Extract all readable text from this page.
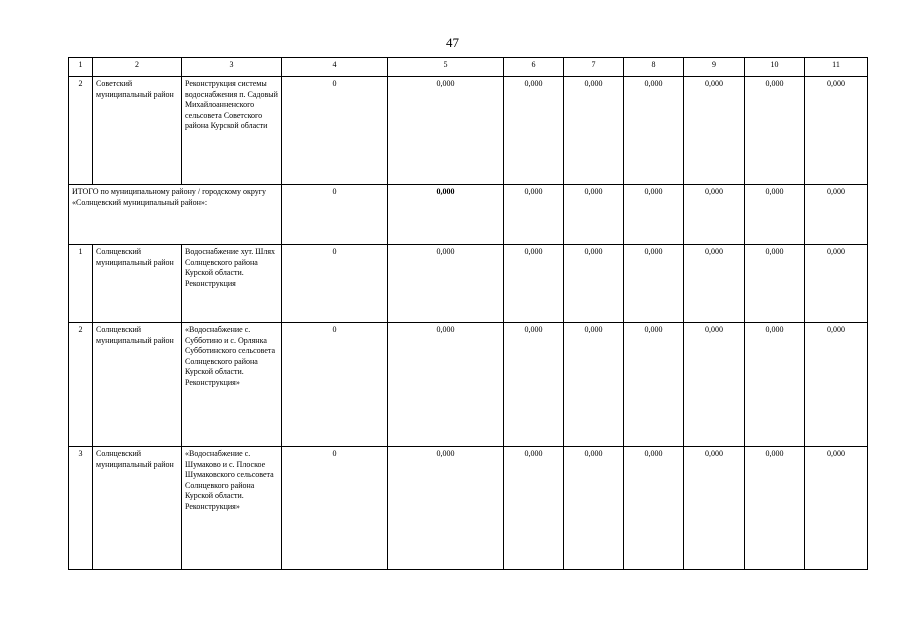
47
1	2	3	4	5	6	7	8	9	10	11
2	Советский муниципальный район	Реконструкция системы водоснабжения п. Садовый Михайлоанненского сельсовета Советского района Курской области	0	0,000	0,000	0,000	0,000	0,000	0,000	0,000
ИТОГО по муниципальному району / городскому округу «Солнцевский муниципальный район»:			0	0,000	0,000	0,000	0,000	0,000	0,000	0,000
1	Солнцевский муниципальный район	Водоснабжение хут. Шлях Солнцевского района Курской области. Реконструкция	0	0,000	0,000	0,000	0,000	0,000	0,000	0,000
2	Солнцевский муниципальный район	«Водоснабжение с. Субботино и с. Орлянка Субботинского сельсовета Солнцевского района Курской области. Реконструкция»	0	0,000	0,000	0,000	0,000	0,000	0,000	0,000
3	Солнцевский муниципальный район	«Водоснабжение с. Шумаково и с. Плоское Шумаковского сельсовета Солнцевкого района Курской области. Реконструкция»	0	0,000	0,000	0,000	0,000	0,000	0,000	0,000
